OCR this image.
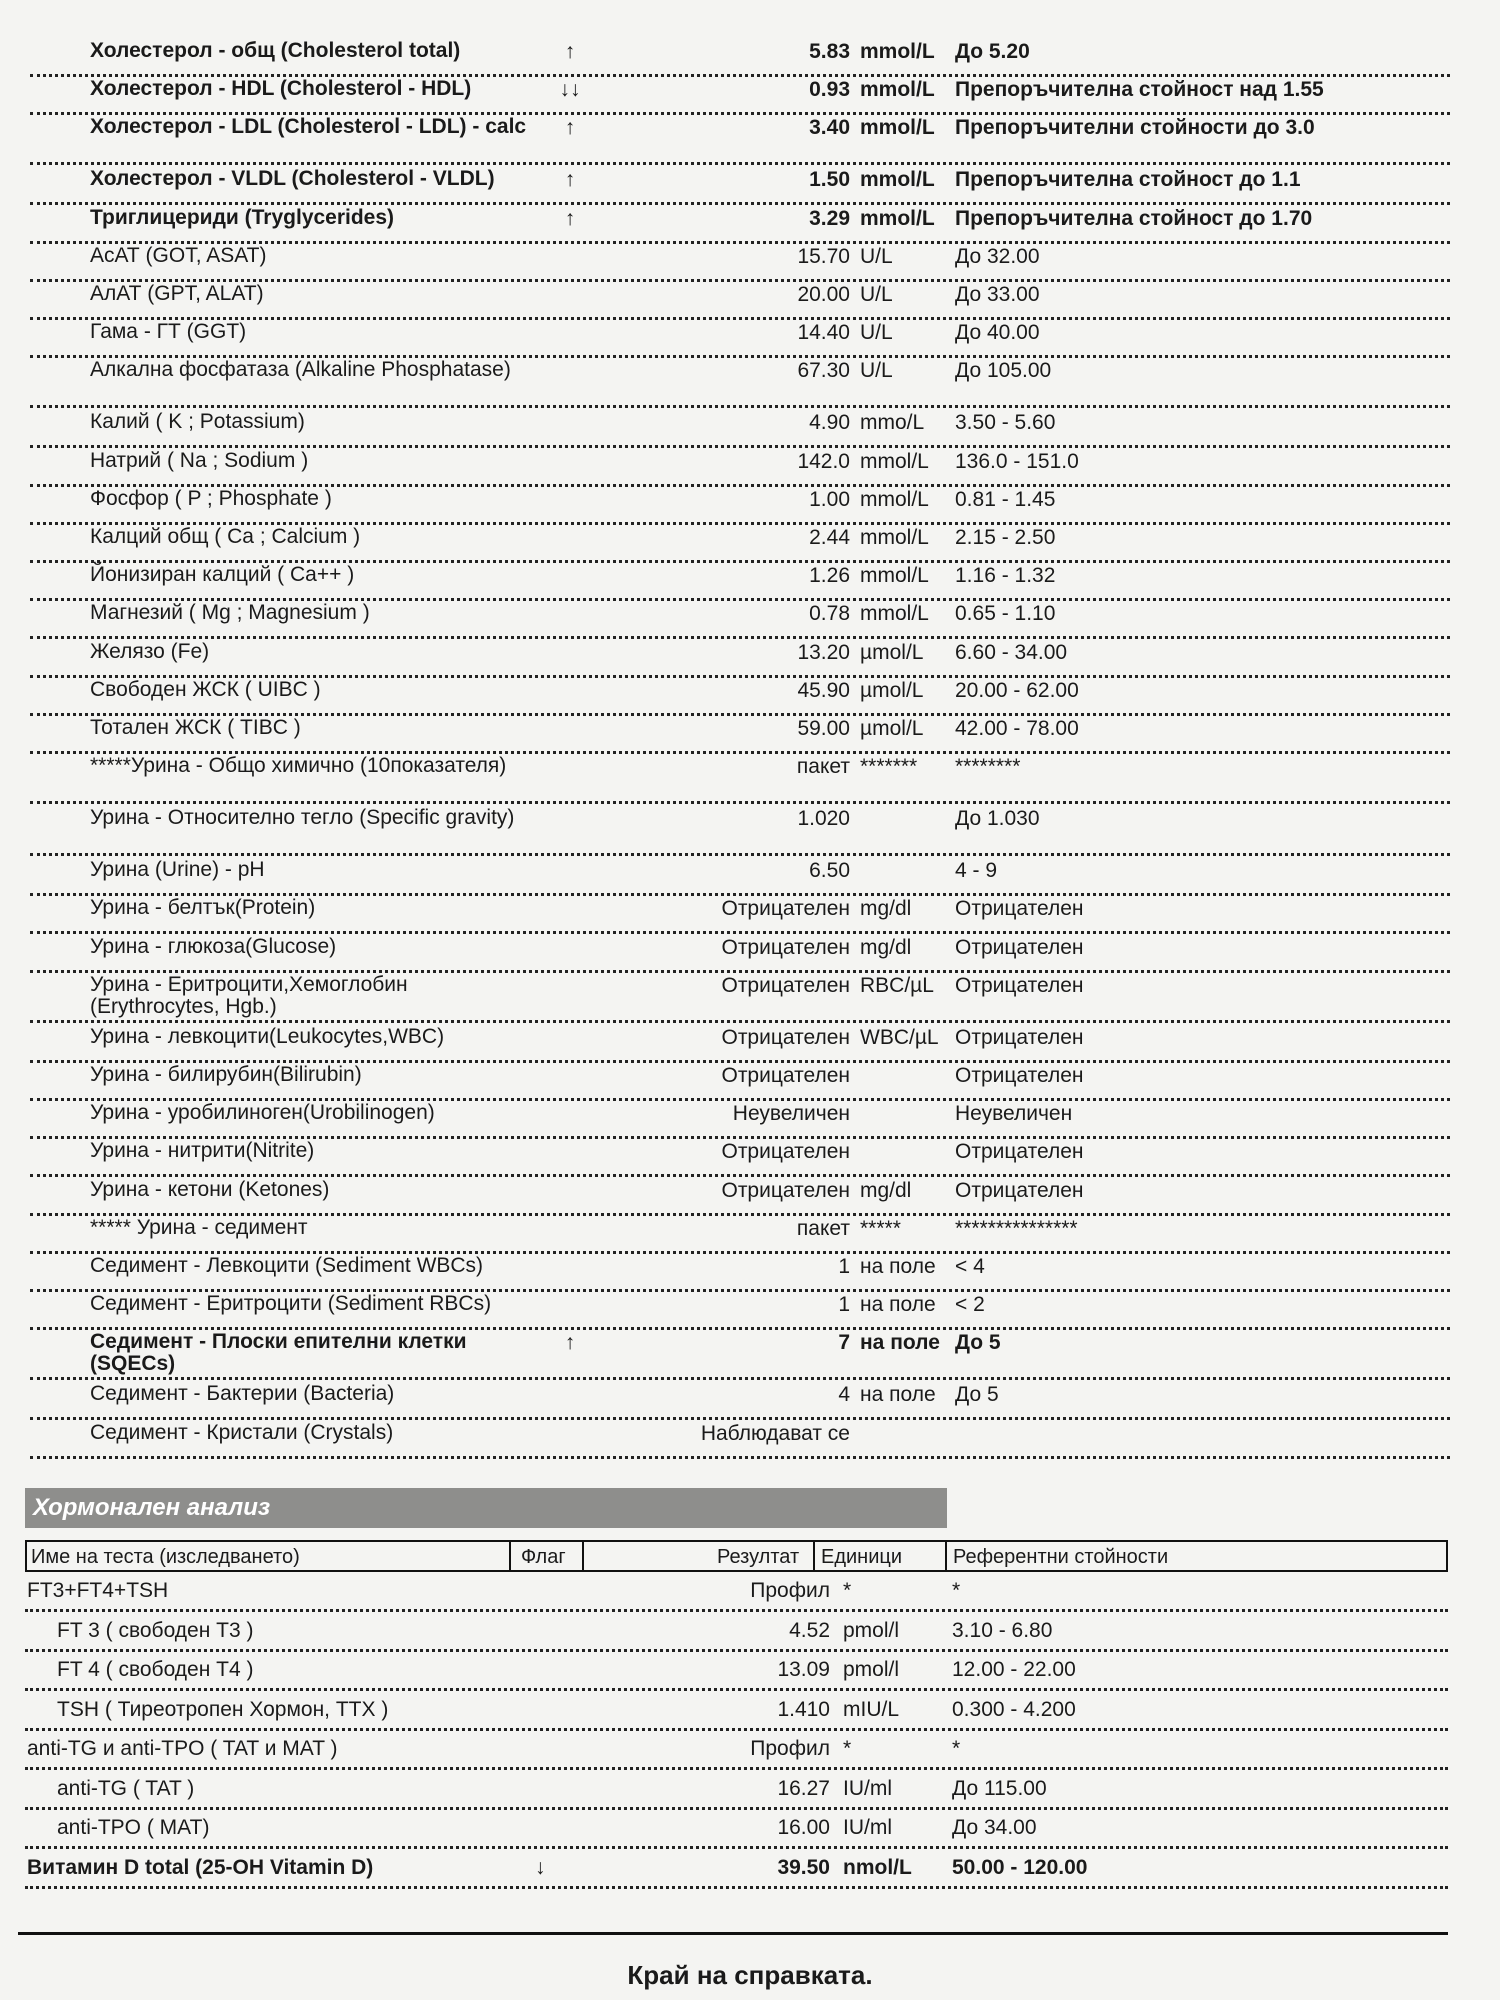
Холестерол - общ (Cholesterol total)	↑	5.83 mmol/L До 5.20
Холестерол - HDL (Cholesterol - HDL)	↓↓	0.93 mmol/L Препоръчителна стойност над 1.55
Холестерол - LDL (Cholesterol - LDL) - calc	↑	3.40 mmol/L Препоръчителни стойности до 3.0
Холестерол - VLDL (Cholesterol - VLDL)	↑	1.50 mmol/L Препоръчителна стойност до 1.1
Триглицериди (Tryglycerides)	↑	3.29 mmol/L Препоръчителна стойност до 1.70
АсАТ (GOT, ASAT)	15.70 U/L	До 32.00
АлАТ (GPT, ALAT)	20.00 U/L	До 33.00
Гама - ГТ (GGT)	14.40 U/L	До 40.00
Алкална фосфатаза (Alkaline Phosphatase)	67.30 U/L	До 105.00
Калий ( K ; Potassium)	4.90 mmo/L	3.50 - 5.60
Натрий ( Na ; Sodium )	142.0 mmol/L	136.0 - 151.0
Фосфор ( P ; Phosphate )	1.00 mmol/L	0.81 - 1.45
Калций общ ( Ca ; Calcium )	2.44 mmol/L	2.15 - 2.50
Йонизиран калций ( Ca++ )	1.26 mmol/L	1.16 - 1.32
Магнезий ( Mg ; Magnesium )	0.78 mmol/L	0.65 - 1.10
Желязо (Fe)	13.20 µmol/L	6.60 - 34.00
Свободен ЖСК ( UIBC )	45.90 µmol/L	20.00 - 62.00
Тотален ЖСК ( TIBC )	59.00 µmol/L	42.00 - 78.00
*****Урина - Общо химично (10показателя)	пакет *******	********
Урина - Относително тегло (Specific gravity)	1.020	До 1.030
Урина (Urine) - pH	6.50	4 - 9
Урина - белтък(Protein)	Отрицателен mg/dl	Отрицателен
Урина - глюкоза(Glucose)	Отрицателен mg/dl	Отрицателен
Урина - Еритроцити,Хемоглобин (Erythrocytes, Hgb.)
Отрицателен RBC/µL	Отрицателен
Урина - левкоцити(Leukocytes,WBC)	Отрицателен WBC/µL Отрицателен
Урина - билирубин(Bilirubin)	Отрицателен	Отрицателен
Урина - уробилиноген(Urobilinogen)	Неувеличен	Неувеличен
Урина - нитрити(Nitrite)	Отрицателен	Отрицателен
Урина - кетони (Ketones)	Отрицателен mg/dl	Отрицателен
***** Урина - седимент	пакет *****	***************
Седимент - Левкоцити (Sediment WBCs)	1 на поле < 4
Седимент - Еритроцити (Sediment RBCs)	1 на поле < 2
Седимент - Плоски епителни клетки (SQECs)
↑	7 на поле До 5
Седимент - Бактерии (Bacteria)	4 на поле До 5
Седимент - Кристали (Crystals)	Наблюдават се
Хормонален анализ
Име на теста (изследването)	Флаг	Резултат Единици	Референтни стойности
FT3+FT4+TSH	Профил *	*
FT 3 ( свободен Т3 )	4.52 pmol/l	3.10 - 6.80
FT 4 ( свободен Т4 )	13.09 pmol/l	12.00 - 22.00
TSH ( Тиреотропен Хормон, ТТХ )	1.410 mIU/L	0.300 - 4.200
anti-TG и anti-TPO ( TAT и MAT )	Профил *	*
anti-TG ( TAT )	16.27 IU/ml	До 115.00
anti-TPO ( MAT)	16.00 IU/ml	До 34.00
Витамин D total (25-OH Vitamin D)	↓	39.50 nmol/L 50.00 - 120.00
Край на справката.
